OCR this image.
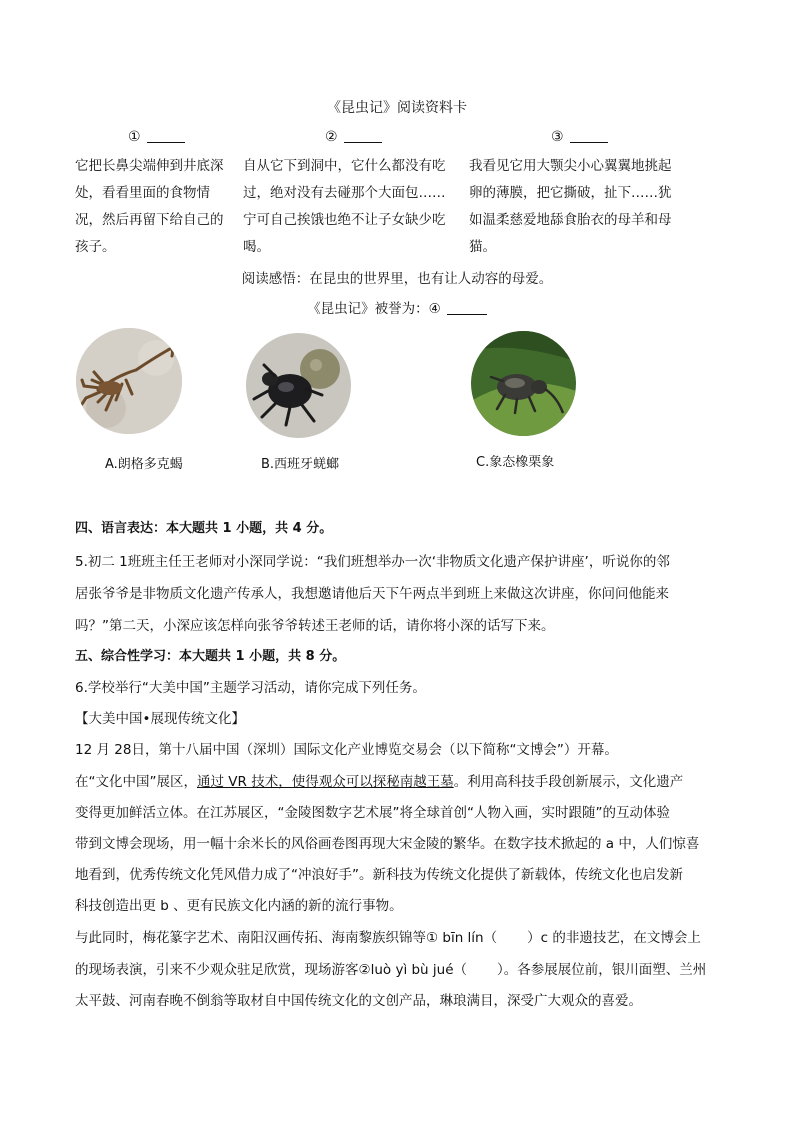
《昆虫记》阅读资料卡
①	②	③
它把长鼻尖端伸到井底深
处，看看里面的食物情
况，然后再留下给自己的
孩子。
自从它下到洞中，它什么都没有吃
过，绝对没有去碰那个大面包……
宁可自己挨饿也绝不让子女缺少吃
喝。
我看见它用大颚尖小心翼翼地挑起
卵的薄膜，把它撕破，扯下……犹
如温柔慈爱地舔食胎衣的母羊和母
猫。
阅读感悟：在昆虫的世界里，也有让人动容的母爱。
《昆虫记》被誉为：④
A.朗格多克蝎	B.西班牙蜣螂	C.象态橡栗象
四、语言表达：本大题共 1 小题，共 4 分。
5.初二 1班班主任王老师对小深同学说：“我们班想举办一次‘非物质文化遗产保护讲座’，听说你的邻
居张爷爷是非物质文化遗产传承人，我想邀请他后天下午两点半到班上来做这次讲座，你问问他能来
吗？”第二天，小深应该怎样向张爷爷转述王老师的话，请你将小深的话写下来。
五、综合性学习：本大题共 1 小题，共 8 分。
6.学校举行“大美中国”主题学习活动，请你完成下列任务。
【大美中国•展现传统文化】
12 月 28日，第十八届中国（深圳）国际文化产业博览交易会（以下简称“文博会”）开幕。
在“文化中国”展区，通过 VR 技术，使得观众可以探秘南越王墓。利用高科技手段创新展示，文化遗产
变得更加鲜活立体。在江苏展区，“金陵图数字艺术展”将全球首创“人物入画，实时跟随”的互动体验
带到文博会现场，用一幅十余米长的风俗画卷图再现大宋金陵的繁华。在数字技术掀起的 a 中，人们惊喜
地看到，优秀传统文化凭风借力成了“冲浪好手”。新科技为传统文化提供了新载体，传统文化也启发新
科技创造出更 b 、更有民族文化内涵的新的流行事物。
与此同时，梅花篆字艺术、南阳汉画传拓、海南黎族织锦等① bīn lín（ ）c 的非遗技艺，在文博会上
的现场表演，引来不少观众驻足欣赏，现场游客②luò yì bù jué（ ）。各参展展位前，银川面塑、兰州
太平鼓、河南春晚不倒翁等取材自中国传统文化的文创产品，琳琅满目，深受广大观众的喜爱。
